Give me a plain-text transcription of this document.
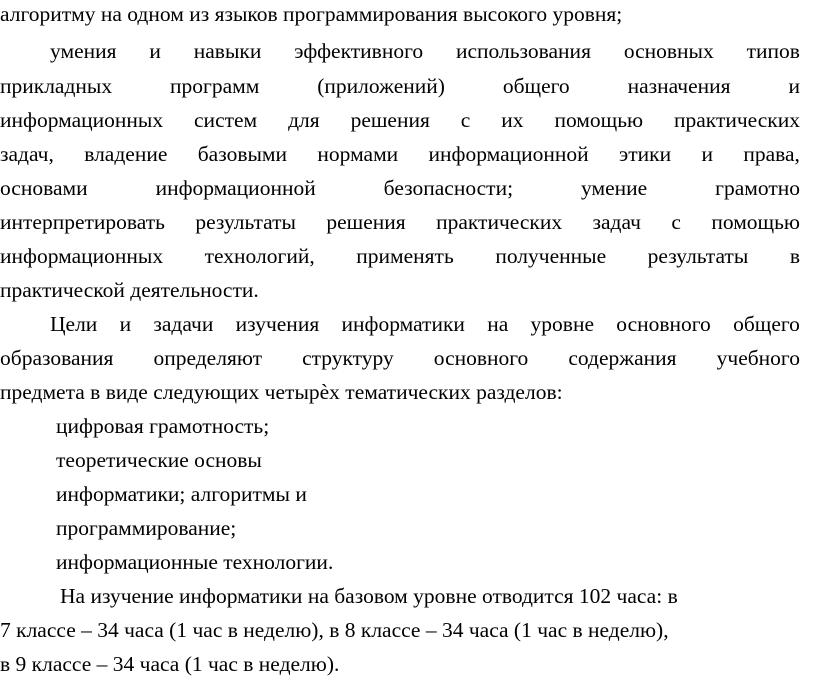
алгоритму на одном из языков программирования высокого уровня;
умения и навыки эффективного использования основных типов
прикладных	программ	(приложений)	общего	назначения	и
информационных систем для решения с их помощью практических
задач, владение базовыми нормами информационной этики и права,
основами	информационной	безопасности;	умение	грамотно
интерпретировать результаты решения практических задач с помощью
информационных технологий, применять полученные результаты в
практической деятельности.
Цели и задачи изучения информатики на уровне основного общего
образования определяют структуру основного содержания учебного
предмета в виде следующих четырѐх тематических разделов:
цифровая грамотность;
теоретические основы
информатики; алгоритмы и
программирование;
информационные технологии.
На изучение информатики на базовом уровне отводится 102 часа: в
7 классе – 34 часа (1 час в неделю), в 8 классе – 34 часа (1 час в неделю),
в 9 классе – 34 часа (1 час в неделю).
